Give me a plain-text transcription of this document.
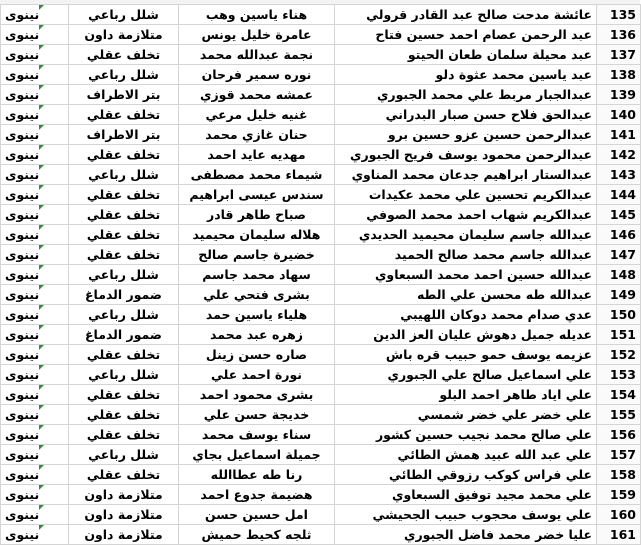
نينوى	شلل رباعي	هناء ياسين وهب	عائشة مدحت صالح عبد القادر قرولي	135
نينوى	متلازمة داون	عامرة خليل يونس	عبد الرحمن عصام احمد حسين فتاح	136
نينوى	تخلف عقلي	نجمة عبدالله محمد	عبد محيلة سلمان طعان الحيتو	137
نينوى	شلل رباعي	نوره سمير فرحان	عبد ياسين محمد عثوة دلو	138
نينوى	بتر الاطراف	عمشه محمد قوزي	عبدالجبار مربط علي محمد الجبوري	139
نينوى	تخلف عقلي	غنيه خليل مرعي	عبدالحق فلاح حسن صبار البدراني	140
نينوى	بتر الاطراف	حنان غازي محمد	عبدالرحمن حسين عزو حسين برو	141
نينوى	تخلف عقلي	مهديه عايد احمد	عبدالرحمن محمود يوسف فريح الجبوري	142
نينوى	شلل رباعي	شيماء محمد مصطفى	عبدالستار ابراهيم جدعان محمد المناوي	143
نينوى	تخلف عقلي	سندس عيسى ابراهيم	عبدالكريم تحسين علي محمد عكيدات	144
نينوى	تخلف عقلي	صباح طاهر قادر	عبدالكريم شهاب احمد محمد الصوفي	145
نينوى	تخلف عقلي	هلاله سليمان محيميد	عبدالله جاسم سليمان محيميد الحديدي	146
نينوى	تخلف عقلي	خضيرة جاسم صالح	عبدالله جاسم محمد صالح الحميد	147
نينوى	شلل رباعي	سهاد محمد جاسم	عبدالله حسين احمد محمد السبعاوي	148
نينوى	ضمور الدماغ	بشرى فتحي علي	عبدالله طه محسن علي الطه	149
نينوى	شلل رباعي	هلياء ياسين حمد	عدي صدام محمد دوكان اللهيبي	150
نينوى	ضمور الدماغ	زهره عبد محمد	عديله جميل دهوش عليان العز الدين	151
نينوى	تخلف عقلي	صاره حسن زينل	عزيمه يوسف حمو حبيب قره باش	152
نينوى	شلل رباعي	نورة احمد علي	علي اسماعيل صالح علي الجبوري	153
نينوى	تخلف عقلي	بشرى محمود احمد	علي اياد طاهر احمد البلو	154
نينوى	تخلف عقلي	خديجة حسن علي	علي خضر علي خضر شمسي	155
نينوى	تخلف عقلي	سناء يوسف محمد	علي صالح محمد نجيب حسين كشور	156
نينوى	شلل رباعي	جميلة اسماعيل بجاي	علي عبد الله عبيد همش الطائي	157
نينوى	تخلف عقلي	رنا طه عطاالله	علي فراس كوكب رزوقي الطائي	158
نينوى	متلازمة داون	هضيمة جدوع احمد	علي محمد مجيد توفيق السبعاوي	159
نينوى	متلازمة داون	امل حسين حسن	علي يوسف محجوب حبيب الجحيشي	160
نينوى	متلازمة داون	ثلجه كحيط حميش	عليا خضر محمد فاضل الجبوري	161
